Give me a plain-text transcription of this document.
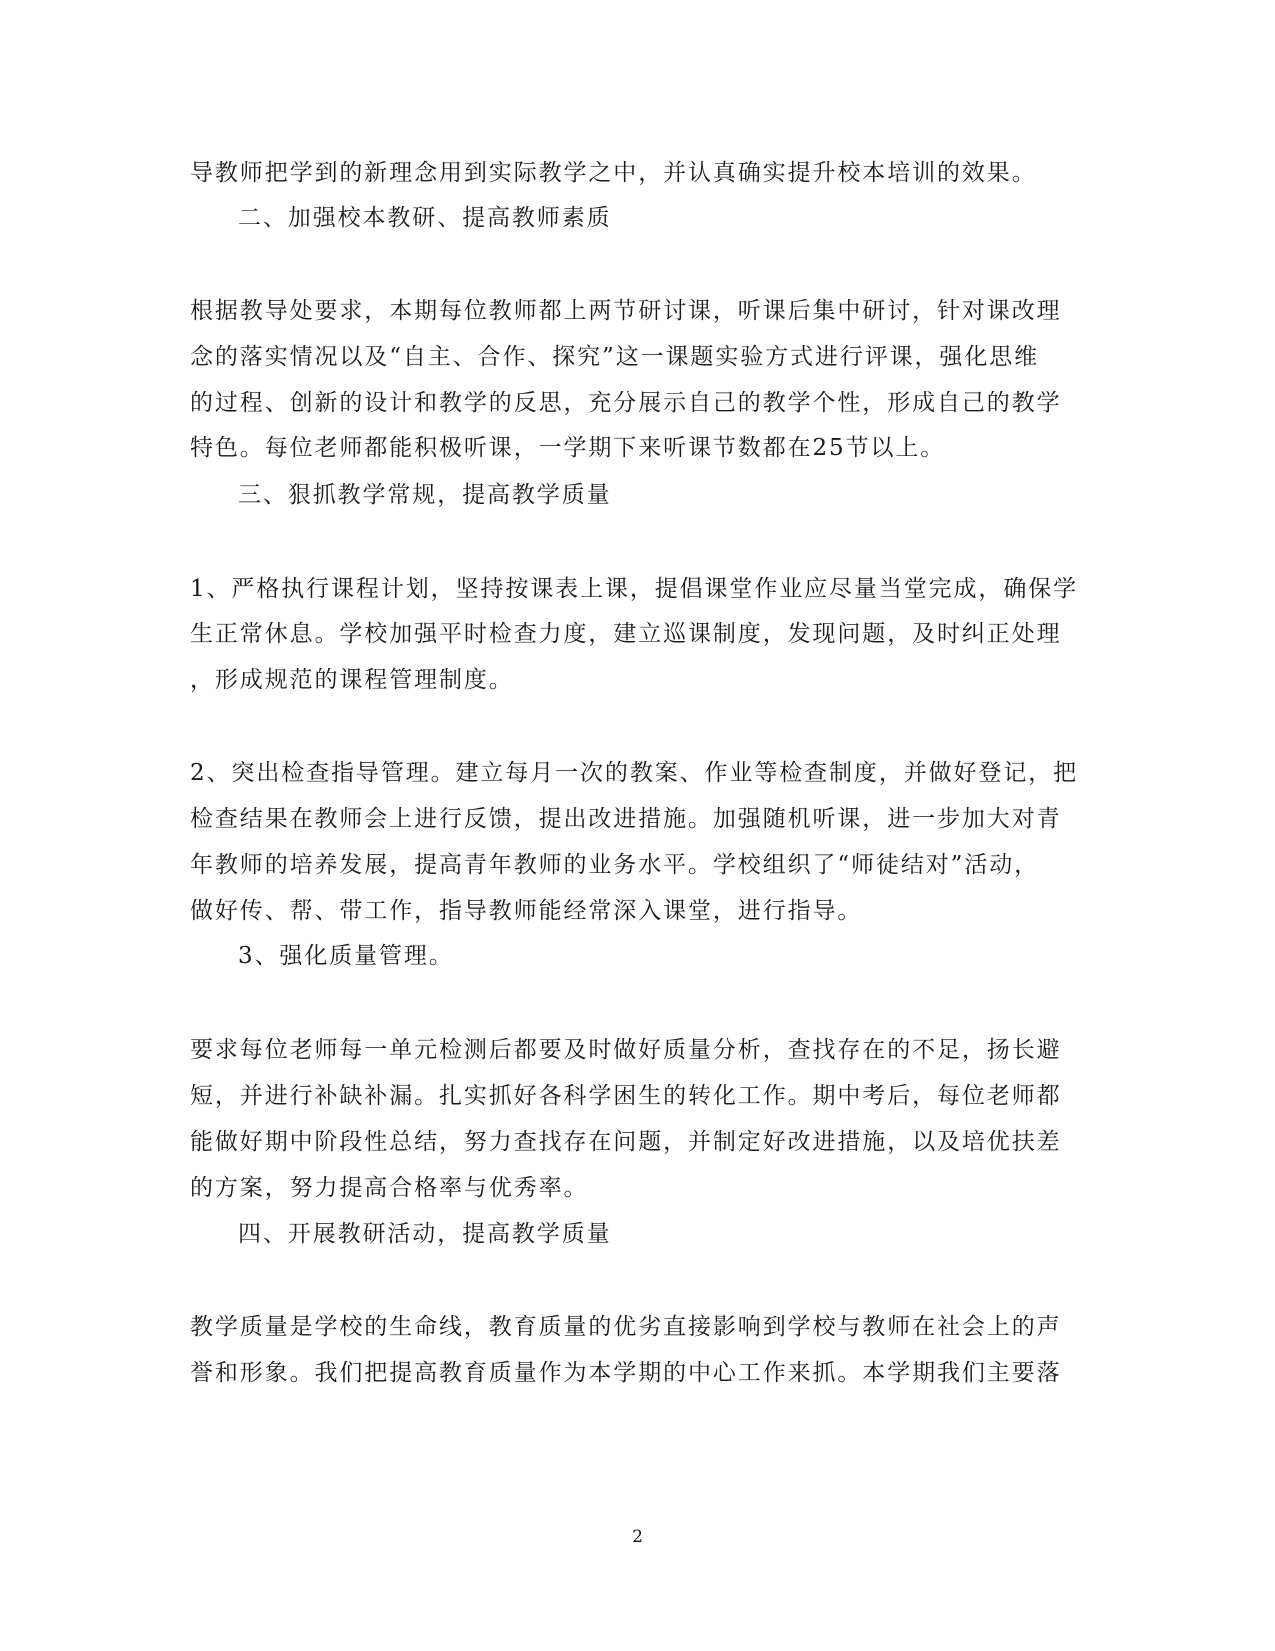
导教师把学到的新理念用到实际教学之中，并认真确实提升校本培训的效果。
二、加强校本教研、提高教师素质
根据教导处要求，本期每位教师都上两节研讨课，听课后集中研讨，针对课改理
念的落实情况以及“自主、合作、探究”这一课题实验方式进行评课，强化思维
的过程、创新的设计和教学的反思，充分展示自己的教学个性，形成自己的教学
特色。每位老师都能积极听课，一学期下来听课节数都在25节以上。
三、狠抓教学常规，提高教学质量
1、严格执行课程计划，坚持按课表上课，提倡课堂作业应尽量当堂完成，确保学
生正常休息。学校加强平时检查力度，建立巡课制度，发现问题，及时纠正处理
，形成规范的课程管理制度。
2、突出检查指导管理。建立每月一次的教案、作业等检查制度，并做好登记，把
检查结果在教师会上进行反馈，提出改进措施。加强随机听课，进一步加大对青
年教师的培养发展，提高青年教师的业务水平。学校组织了“师徒结对”活动，
做好传、帮、带工作，指导教师能经常深入课堂，进行指导。
3、强化质量管理。
要求每位老师每一单元检测后都要及时做好质量分析，查找存在的不足，扬长避
短，并进行补缺补漏。扎实抓好各科学困生的转化工作。期中考后，每位老师都
能做好期中阶段性总结，努力查找存在问题，并制定好改进措施，以及培优扶差
的方案，努力提高合格率与优秀率。
四、开展教研活动，提高教学质量
教学质量是学校的生命线，教育质量的优劣直接影响到学校与教师在社会上的声
誉和形象。我们把提高教育质量作为本学期的中心工作来抓。本学期我们主要落
2
